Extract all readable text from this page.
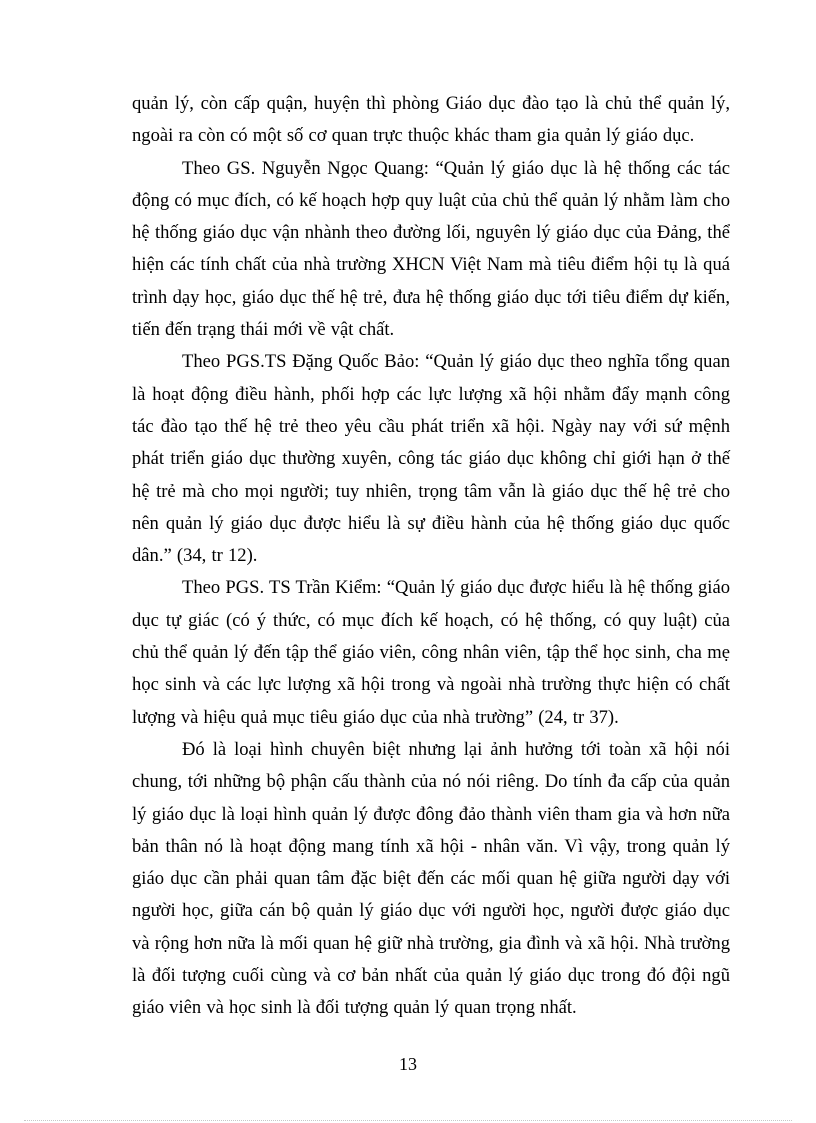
quản lý, còn cấp quận, huyện thì phòng Giáo dục đào tạo là chủ thể quản lý, ngoài ra còn có một số cơ quan trực thuộc khác tham gia quản lý giáo dục.

Theo GS. Nguyễn Ngọc Quang: “Quản lý giáo dục là hệ thống các tác động có mục đích, có kế hoạch hợp quy luật của chủ thể quản lý nhằm làm cho hệ thống giáo dục vận nhành theo đường lối, nguyên lý giáo dục của Đảng, thể hiện các tính chất của nhà trường XHCN Việt Nam mà tiêu điểm hội tụ là quá trình dạy học, giáo dục thế hệ trẻ, đưa hệ thống giáo dục tới tiêu điểm dự kiến, tiến đến trạng thái mới về vật chất.

Theo PGS.TS Đặng Quốc Bảo: “Quản lý giáo dục theo nghĩa tổng quan là hoạt động điều hành, phối hợp các lực lượng xã hội nhằm đẩy mạnh công tác đào tạo thế hệ trẻ theo yêu cầu phát triển xã hội. Ngày nay với sứ mệnh phát triển giáo dục thường xuyên, công tác giáo dục không chỉ giới hạn ở thế hệ trẻ mà cho mọi người; tuy nhiên, trọng tâm vẫn là giáo dục thế hệ trẻ cho nên quản lý giáo dục được hiểu là sự điều hành của hệ thống giáo dục quốc dân.” (34, tr 12).

Theo PGS. TS Trần Kiểm: “Quản lý giáo dục được hiểu là hệ thống giáo dục tự giác (có ý thức, có mục đích kế hoạch, có hệ thống, có quy luật) của chủ thể quản lý đến tập thể giáo viên, công nhân viên, tập thể học sinh, cha mẹ học sinh và các lực lượng xã hội trong và ngoài nhà trường thực hiện có chất lượng và hiệu quả mục tiêu giáo dục của nhà trường” (24, tr 37).

Đó là loại hình chuyên biệt nhưng lại ảnh hưởng tới toàn xã hội nói chung, tới những bộ phận cấu thành của nó nói riêng. Do tính đa cấp của quản lý giáo dục là loại hình quản lý được đông đảo thành viên tham gia và hơn nữa bản thân nó là hoạt động mang tính xã hội - nhân văn. Vì vậy, trong quản lý giáo dục cần phải quan tâm đặc biệt đến các mối quan hệ giữa người dạy với người học, giữa cán bộ quản lý giáo dục với người học, người được giáo dục và rộng hơn nữa là mối quan hệ giữ nhà trường, gia đình và xã hội. Nhà trường là đối tượng cuối cùng và cơ bản nhất của quản lý giáo dục trong đó đội ngũ giáo viên và học sinh là đối tượng quản lý quan trọng nhất.

13
